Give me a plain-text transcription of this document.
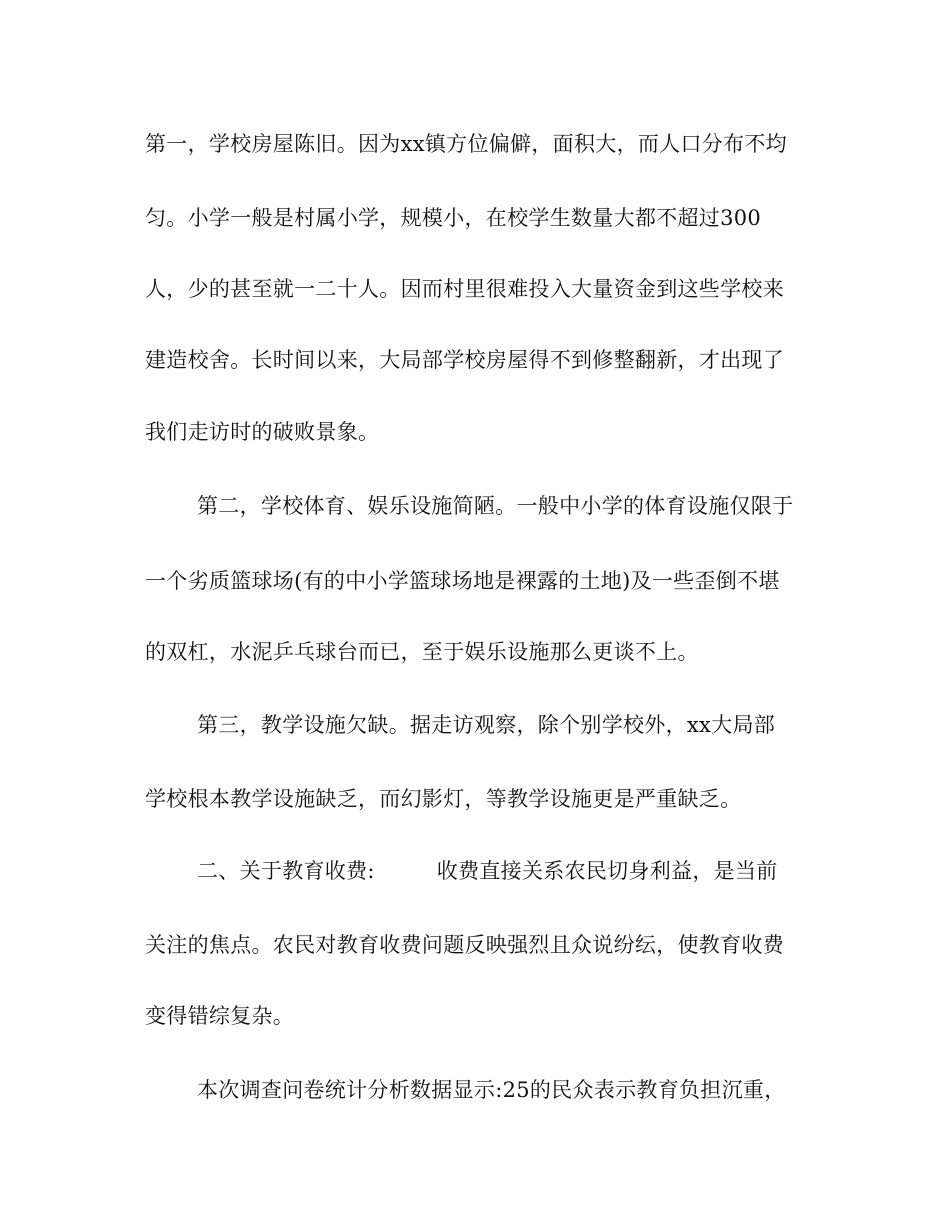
第一，学校房屋陈旧。因为xx镇方位偏僻，面积大，而人口分布不均
匀。小学一般是村属小学，规模小，在校学生数量大都不超过300
人，少的甚至就一二十人。因而村里很难投入大量资金到这些学校来
建造校舍。长时间以来，大局部学校房屋得不到修整翻新，才出现了
我们走访时的破败景象。
第二，学校体育、娱乐设施简陋。一般中小学的体育设施仅限于
一个劣质篮球场(有的中小学篮球场地是裸露的土地)及一些歪倒不堪
的双杠，水泥乒乓球台而已，至于娱乐设施那么更谈不上。
第三，教学设施欠缺。据走访观察，除个别学校外，xx大局部
学校根本教学设施缺乏，而幻影灯，等教学设施更是严重缺乏。
二、关于教育收费:	收费直接关系农民切身利益，是当前
关注的焦点。农民对教育收费问题反映强烈且众说纷纭，使教育收费
变得错综复杂。
本次调查问卷统计分析数据显示:25的民众表示教育负担沉重，
